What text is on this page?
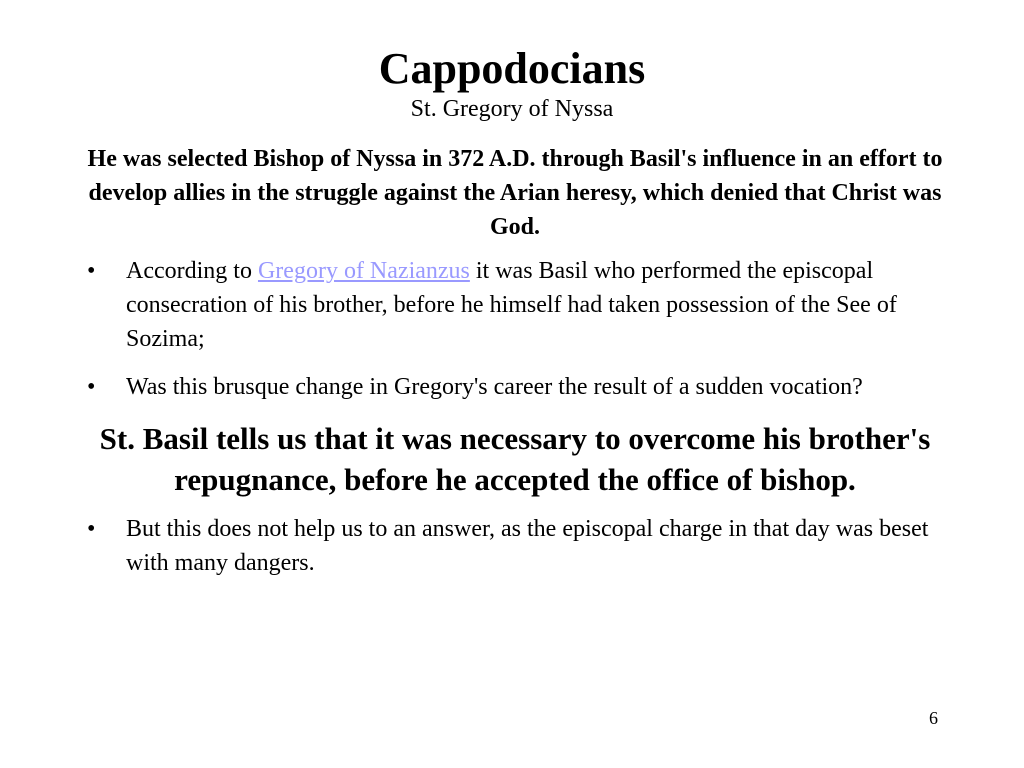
Cappodocians
St. Gregory of Nyssa

He was selected Bishop of Nyssa in 372 A.D. through Basil's influence in an effort to develop allies in the struggle against the Arian heresy, which denied that Christ was God.

• According to Gregory of Nazianzus it was Basil who performed the episcopal consecration of his brother, before he himself had taken possession of the See of Sozima;
• Was this brusque change in Gregory's career the result of a sudden vocation?

St. Basil tells us that it was necessary to overcome his brother's repugnance, before he accepted the office of bishop.

• But this does not help us to an answer, as the episcopal charge in that day was beset with many dangers.
6
